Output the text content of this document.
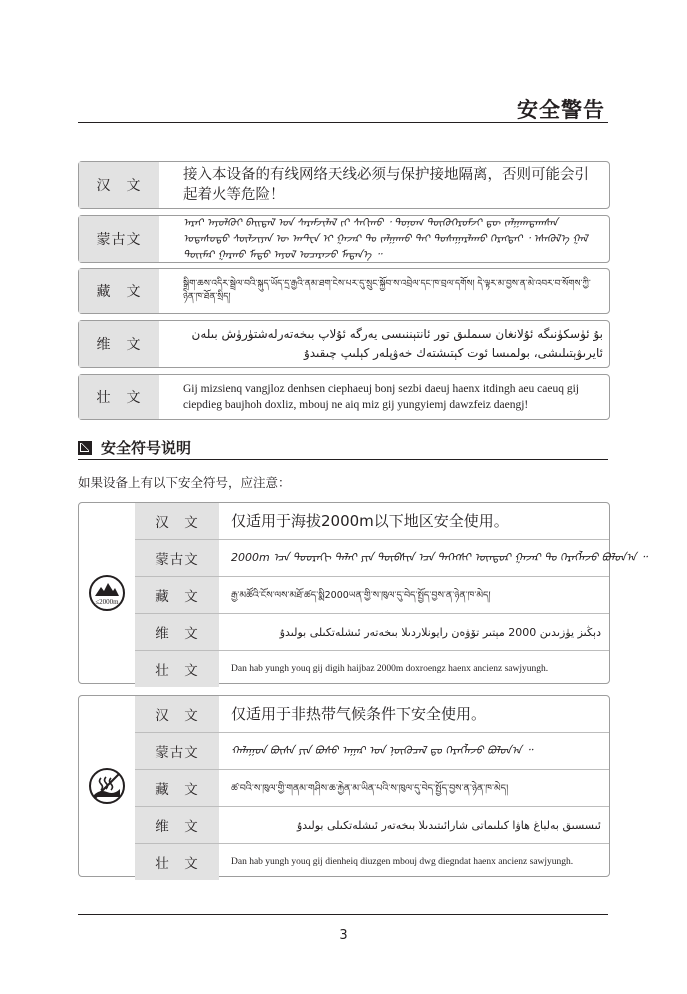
安全警告
汉　文
接入本设备的有线网络天线必须与保护接地隔离，否则可能会引起着火等危险！
蒙古文
ᠠᠷᠠᠢ ᠠᠶᠤᠯᠭᠦᠢ ᠪᠠᠢᠳᠠᠯ ᠤᠨ ᠰᠡᠷᠡᠮᠵᠢᠯᠡᠯ ᠵᠢ ᠰᠠᠬᠢᠬᠤ ᠂ ᠲᠣᠨᠣᠭ ᠲᠦᠬᠦᠭᠡᠷᠦᠮᠵᠢ ᠳᠦ ᠵᠠᠯᠭᠠᠭᠳᠠᠭᠰᠠᠨ ᠤᠲᠠᠰᠤᠲᠤ ᠰᠦᠯᠵᠢᠶᠡᠨ ᠦ ᠠᠨᠲ᠋ᠧᠨ ᠢ ᠭᠠᠵᠠᠷ ᠲᠤ ᠵᠠᠯᠭᠠᠬᠤ ᠲᠠᠢ ᠲᠤᠰᠠᠭᠠᠷᠯᠠᠬᠤ ᠬᠡᠷᠡᠭᠲᠡᠢ ᠂ ᠡᠰᠡᠬᠦᠯ᠎ᠡ ᠭᠠᠯ ᠲᠦᠢᠮᠡᠷ ᠭᠠᠷᠬᠤ ᠮᠡᠲᠦ ᠠᠶᠤᠯ ᠤᠴᠠᠷᠠᠵᠤ ᠮᠡᠳᠡᠨ᠎ᠡ ᠃
藏　文	སྒྲིག་ཆས་འདིར་སྦྲེལ་བའི་སྐུད་ཡོད་དྲ་རྒྱའི་ནམ་ཐག་ངེས་པར་དུ་སྲུང་སྐྱོབ་ས་འབྲེལ་དང་ཁ་བྲལ་དགོས། དེ་ལྟར་མ་བྱས་ན་མེ་འབར་བ་སོགས་ཀྱི་ཉེན་ཁ་ཐོན་སྲིད།
维　文
بۇ ئۈسكۈنىگە ئۇلانغان سىملىق تور ئانتېننىسى يەرگە ئۇلاپ بىخەتەرلەشتۈرۈش بىلەن ئايرىۋېتىلىشى، بولمىسا ئوت كېتىشتەك خەۋپلەر كېلىپ چىقىدۇ
壮　文
Gij mizsienq vangjloz denhsen ciephaeuj bonj sezbi daeuj haenx itdingh aeu caeuq gij ciepdieg baujhoh doxliz, mbouj ne aiq miz gij yungyiemj dawzfeiz daengj!
安全符号说明
如果设备上有以下安全符号，应注意：
≤2000m
汉　文	仅适用于海拔2000m以下地区安全使用。
蒙古文	2000m ᠡᠴᠡ ᠳᠣᠣᠷᠠᠬᠢ ᠳᠠᠯᠠᠢ ᠶᠢᠨ ᠲᠥᠪᠰᠢᠨ ᠡᠴᠡ ᠳᠡᠭᠡᠭᠰᠢ ᠥᠨᠳᠥᠷ ᠭᠠᠵᠠᠷ ᠲᠤ ᠬᠡᠷᠡᠭᠯᠡᠵᠦ ᠪᠣᠯᠤᠨ᠎ᠠ ᠃
藏　文	རྒྱ་མཚོའི་ངོས་ལས་མཐོ་ཚད་སྨི2000ཡན་གྱི་ས་ཁུལ་དུ་བེད་སྤྱོད་བྱས་ན་ཉེན་ཁ་མེད།
维　文	دېڭىز يۈزىدىن 2000 مېتىر تۆۋەن رايونلاردىلا بىخەتەر ئىشلەتكىلى بولىدۇ
壮　文	Dan hab yungh youq gij digih haijbaz 2000m doxroengz haenx ancienz sawjyungh.
汉　文	仅适用于非热带气候条件下安全使用。
蒙古文	ᠬᠠᠯᠠᠭᠤᠨ ᠪᠦᠰᠡ ᠶᠢᠨ ᠪᠤᠰᠤ ᠠᠭᠠᠷ ᠤᠨ ᠨᠥᠬᠦᠴᠡᠯ ᠳᠤ ᠬᠡᠷᠡᠭᠯᠡᠵᠦ ᠪᠣᠯᠤᠨ᠎ᠠ ᠃
藏　文	ཚ་བའི་ས་ཁུལ་གྱི་གནམ་གཤིས་ཆ་རྐྱེན་མ་ཡིན་པའི་ས་ཁུལ་དུ་བེད་སྤྱོད་བྱས་ན་ཉེན་ཁ་མེད།
维　文	ئىسسىق بەلباغ ھاۋا كىلىماتى شارائىتىدىلا بىخەتەر ئىشلەتكىلى بولىدۇ
壮　文	Dan hab yungh youq gij dienheiq diuzgen mbouj dwg diegndat haenx ancienz sawjyungh.
3
